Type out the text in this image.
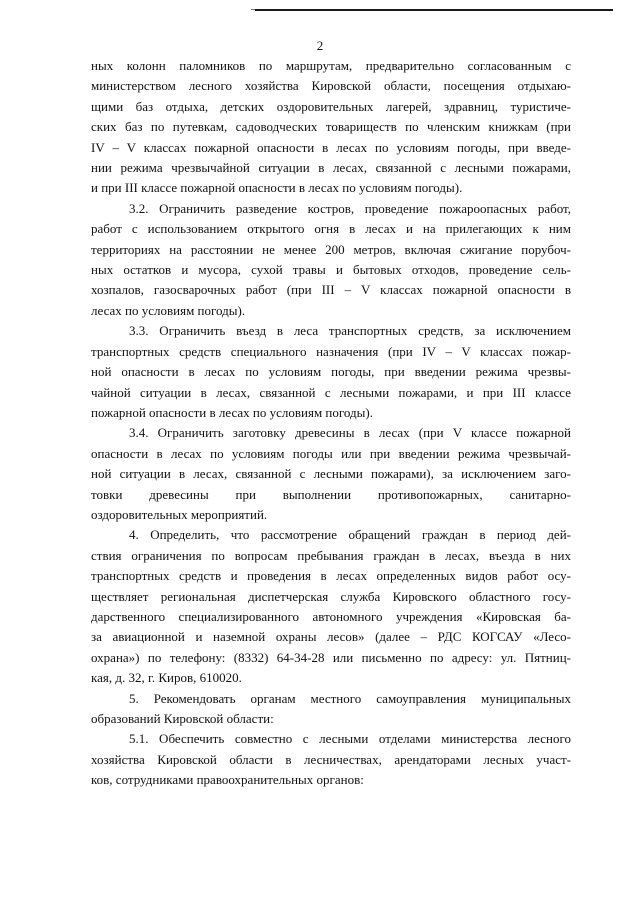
2
ных колонн паломников по маршрутам, предварительно согласованным с
министерством лесного хозяйства Кировской области, посещения отдыхаю-
щими баз отдыха, детских оздоровительных лагерей, здравниц, туристиче-
ских баз по путевкам, садоводческих товариществ по членским книжкам (при
IV – V классах пожарной опасности в лесах по условиям погоды, при введе-
нии режима чрезвычайной ситуации в лесах, связанной с лесными пожарами,
и при III классе пожарной опасности в лесах по условиям погоды).
3.2. Ограничить разведение костров, проведение пожароопасных работ,
работ с использованием открытого огня в лесах и на прилегающих к ним
территориях на расстоянии не менее 200 метров, включая сжигание порубоч-
ных остатков и мусора, сухой травы и бытовых отходов, проведение сель-
хозпалов, газосварочных работ (при III – V классах пожарной опасности в
лесах по условиям погоды).
3.3. Ограничить въезд в леса транспортных средств, за исключением
транспортных средств специального назначения (при IV – V классах пожар-
ной опасности в лесах по условиям погоды, при введении режима чрезвы-
чайной ситуации в лесах, связанной с лесными пожарами, и при III классе
пожарной опасности в лесах по условиям погоды).
3.4. Ограничить заготовку древесины в лесах (при V классе пожарной
опасности в лесах по условиям погоды или при введении режима чрезвычай-
ной ситуации в лесах, связанной с лесными пожарами), за исключением заго-
товки древесины при выполнении противопожарных, санитарно-
оздоровительных мероприятий.
4. Определить, что рассмотрение обращений граждан в период дей-
ствия ограничения по вопросам пребывания граждан в лесах, въезда в них
транспортных средств и проведения в лесах определенных видов работ осу-
ществляет региональная диспетчерская служба Кировского областного госу-
дарственного специализированного автономного учреждения «Кировская ба-
за авиационной и наземной охраны лесов» (далее – РДС КОГСАУ «Лесо-
охрана») по телефону: (8332) 64-34-28 или письменно по адресу: ул. Пятниц-
кая, д. 32, г. Киров, 610020.
5. Рекомендовать органам местного самоуправления муниципальных
образований Кировской области:
5.1. Обеспечить совместно с лесными отделами министерства лесного
хозяйства Кировской области в лесничествах, арендаторами лесных участ-
ков, сотрудниками правоохранительных органов:
